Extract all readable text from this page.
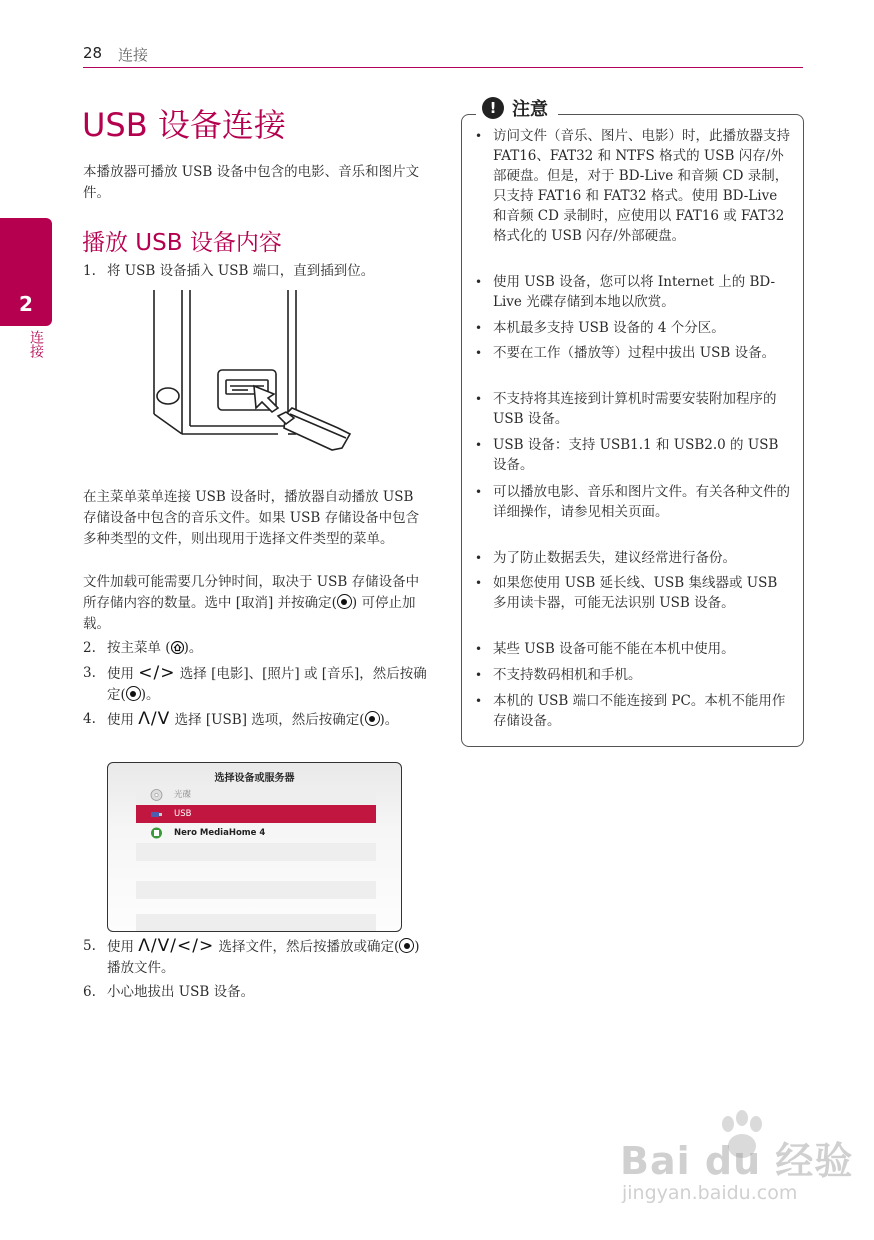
28 连接
2
连接
USB 设备连接

本播放器可播放 USB 设备中包含的电影、音乐和图片文件。

播放 USB 设备内容
1. 将 USB 设备插入 USB 端口，直到插到位。

在主菜单菜单连接 USB 设备时，播放器自动播放 USB 存储设备中包含的音乐文件。如果 USB 存储设备中包含多种类型的文件，则出现用于选择文件类型的菜单。

文件加载可能需要几分钟时间，取决于 USB 存储设备中所存储内容的数量。选中 [取消] 并按确定( ) 可停止加载。

2. 按主菜单 ( )。
3. 使用 </> 选择 [电影]、[照片] 或 [音乐]，然后按确定( )。
4. 使用 Λ/V 选择 [USB] 选项，然后按确定( )。
选择设备或服务器
光碟
USB
Nero MediaHome 4
5. 使用 Λ/V/</> 选择文件，然后按播放或确定( ) 播放文件。
6. 小心地拔出 USB 设备。
! 注意
• 访问文件（音乐、图片、电影）时，此播放器支持 FAT16、FAT32 和 NTFS 格式的 USB 闪存/外部硬盘。但是，对于 BD-Live 和音频 CD 录制，只支持 FAT16 和 FAT32 格式。使用 BD-Live 和音频 CD 录制时，应使用以 FAT16 或 FAT32 格式化的 USB 闪存/外部硬盘。
• 使用 USB 设备，您可以将 Internet 上的 BD-Live 光碟存储到本地以欣赏。
• 本机最多支持 USB 设备的 4 个分区。
• 不要在工作（播放等）过程中拔出 USB 设备。
• 不支持将其连接到计算机时需要安装附加程序的 USB 设备。
• USB 设备：支持 USB1.1 和 USB2.0 的 USB 设备。
• 可以播放电影、音乐和图片文件。有关各种文件的详细操作，请参见相关页面。
• 为了防止数据丢失，建议经常进行备份。
• 如果您使用 USB 延长线、USB 集线器或 USB 多用读卡器，可能无法识别 USB 设备。
• 某些 USB 设备可能不能在本机中使用。
• 不支持数码相机和手机。
• 本机的 USB 端口不能连接到 PC。本机不能用作存储设备。
Bai du 经验
jingyan.baidu.com
